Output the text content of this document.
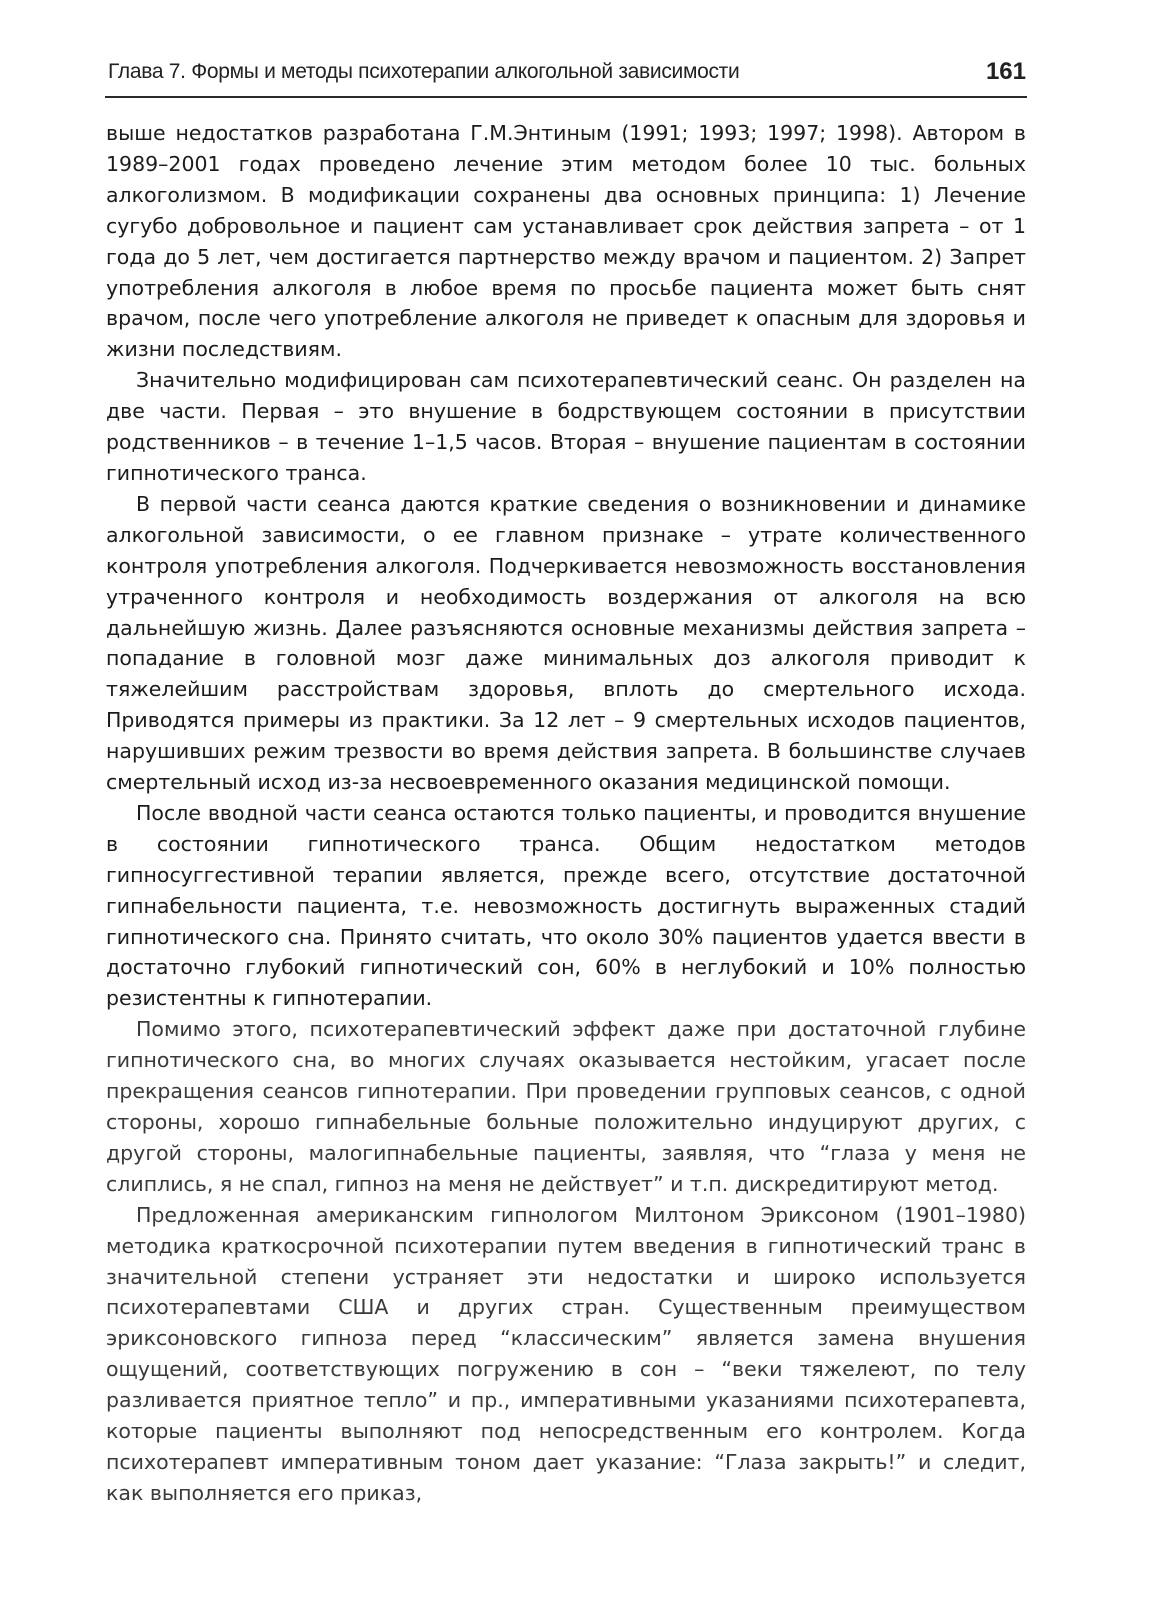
Глава 7. Формы и методы психотерапии алкогольной зависимости	161

выше недостатков разработана Г.М.Энтиным (1991; 1993; 1997; 1998). Автором в 1989–2001 годах проведено лечение этим методом более 10 тыс. больных алкоголизмом. В модификации сохранены два основных принципа: 1) Лечение сугубо добровольное и пациент сам устанавливает срок действия запрета – от 1 года до 5 лет, чем достигается партнерство между врачом и пациентом. 2) Запрет употребления алкоголя в любое время по просьбе пациента может быть снят врачом, после чего употребление алкоголя не приведет к опасным для здоровья и жизни последствиям.

Значительно модифицирован сам психотерапевтический сеанс. Он разделен на две части. Первая – это внушение в бодрствующем состоянии в присутствии родственников – в течение 1–1,5 часов. Вторая – внушение пациентам в состоянии гипнотического транса.

В первой части сеанса даются краткие сведения о возникновении и динамике алкогольной зависимости, о ее главном признаке – утрате количественного контроля употребления алкоголя. Подчеркивается невозможность восстановления утраченного контроля и необходимость воздержания от алкоголя на всю дальнейшую жизнь. Далее разъясняются основные механизмы действия запрета – попадание в головной мозг даже минимальных доз алкоголя приводит к тяжелейшим расстройствам здоровья, вплоть до смертельного исхода. Приводятся примеры из практики. За 12 лет – 9 смертельных исходов пациентов, нарушивших режим трезвости во время действия запрета. В большинстве случаев смертельный исход из-за несвоевременного оказания медицинской помощи.

После вводной части сеанса остаются только пациенты, и проводится внушение в состоянии гипнотического транса. Общим недостатком методов гипносуггестивной терапии является, прежде всего, отсутствие достаточной гипнабельности пациента, т.е. невозможность достигнуть выраженных стадий гипнотического сна. Принято считать, что около 30% пациентов удается ввести в достаточно глубокий гипнотический сон, 60% в неглубокий и 10% полностью резистентны к гипнотерапии.

Помимо этого, психотерапевтический эффект даже при достаточной глубине гипнотического сна, во многих случаях оказывается нестойким, угасает после прекращения сеансов гипнотерапии. При проведении групповых сеансов, с одной стороны, хорошо гипнабельные больные положительно индуцируют других, с другой стороны, малогипнабельные пациенты, заявляя, что “глаза у меня не слиплись, я не спал, гипноз на меня не действует” и т.п. дискредитируют метод.

Предложенная американским гипнологом Милтоном Эриксоном (1901–1980) методика краткосрочной психотерапии путем введения в гипнотический транс в значительной степени устраняет эти недостатки и широко используется психотерапевтами США и других стран. Существенным преимуществом эриксоновского гипноза перед “классическим” является замена внушения ощущений, соответствующих погружению в сон – “веки тяжелеют, по телу разливается приятное тепло” и пр., императивными указаниями психотерапевта, которые пациенты выполняют под непосредственным его контролем. Когда психотерапевт императивным тоном дает указание: “Глаза закрыть!” и следит, как выполняется его приказ,
